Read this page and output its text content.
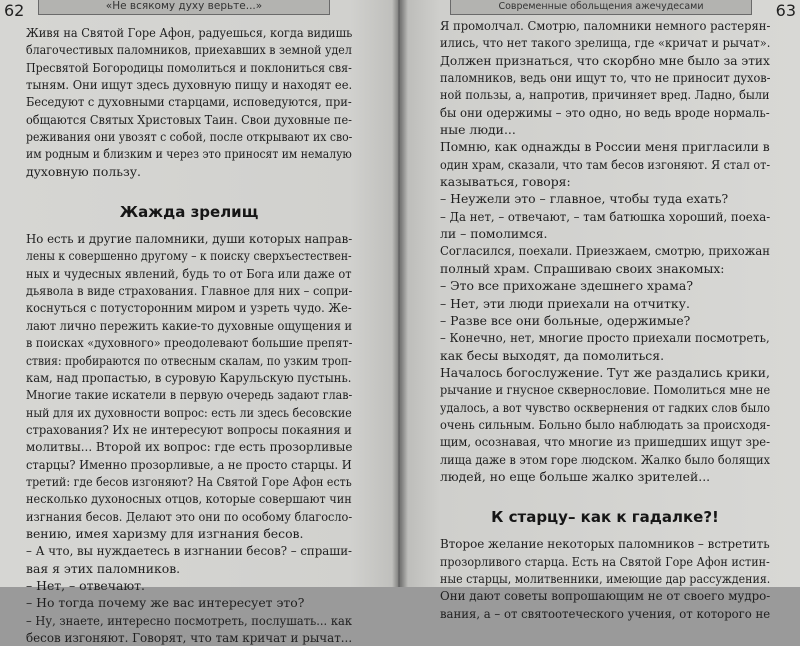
62	«Не всякому духу верьте...»
Живя на Святой Горе Афон, радуешься, когда видишь
благочестивых паломников, приехавших в земной удел
Пресвятой Богородицы помолиться и поклониться свя-
тыням. Они ищут здесь духовную пищу и находят ее.
Беседуют с духовными старцами, исповедуются, при-
общаются Святых Христовых Таин. Свои духовные пе-
реживания они увозят с собой, после открывают их сво-
им родным и близким и через это приносят им немалую
духовную пользу.
Жажда зрелищ
Но есть и другие паломники, души которых направ-
лены к совершенно другому – к поиску сверхъестествен-
ных и чудесных явлений, будь то от Бога или даже от
дьявола в виде страхования. Главное для них – сопри-
коснуться с потусторонним миром и узреть чудо. Же-
лают лично пережить какие-то духовные ощущения и
в поисках «духовного» преодолевают большие препят-
ствия: пробираются по отвесным скалам, по узким троп-
кам, над пропастью, в суровую Карульскую пустынь.
Многие такие искатели в первую очередь задают глав-
ный для их духовности вопрос: есть ли здесь бесовские
страхования? Их не интересуют вопросы покаяния и
молитвы... Второй их вопрос: где есть прозорливые
старцы? Именно прозорливые, а не просто старцы. И
третий: где бесов изгоняют? На Святой Горе Афон есть
несколько духоносных отцов, которые совершают чин
изгнания бесов. Делают это они по особому благосло-
вению, имея харизму для изгнания бесов.
– А что, вы нуждаетесь в изгнании бесов? – спраши-
вая я этих паломников.
– Нет, – отвечают.
– Но тогда почему же вас интересует это?
– Ну, знаете, интересно посмотреть, послушать... как
бесов изгоняют. Говорят, что там кричат и рычат...
Современные обольщения ажечудесами	63
Я промолчал. Смотрю, паломники немного растерян-
ились, что нет такого зрелища, где «кричат и рычат».
Должен признаться, что скорбно мне было за этих
паломников, ведь они ищут то, что не приносит духов-
ной пользы, а, напротив, причиняет вред. Ладно, были
бы они одержимы – это одно, но ведь вроде нормаль-
ные люди...
Помню, как однажды в России меня пригласили в
один храм, сказали, что там бесов изгоняют. Я стал от-
казываться, говоря:
– Неужели это – главное, чтобы туда ехать?
– Да нет, – отвечают, – там батюшка хороший, поеха-
ли – помолимся.
Согласился, поехали. Приезжаем, смотрю, прихожан
полный храм. Спрашиваю своих знакомых:
– Это все прихожане здешнего храма?
– Нет, эти люди приехали на отчитку.
– Разве все они больные, одержимые?
– Конечно, нет, многие просто приехали посмотреть,
как бесы выходят, да помолиться.
Началось богослужение. Тут же раздались крики,
рычание и гнусное сквернословие. Помолиться мне не
удалось, а вот чувство осквернения от гадких слов было
очень сильным. Больно было наблюдать за происходя-
щим, осознавая, что многие из пришедших ищут зре-
лища даже в этом горе людском. Жалко было болящих
людей, но еще больше жалко зрителей...
К старцу– как к гадалке?!
Второе желание некоторых паломников – встретить
прозорливого старца. Есть на Святой Горе Афон истин-
ные старцы, молитвенники, имеющие дар рассуждения.
Они дают советы вопрошающим не от своего мудро-
вания, а – от святоотеческого учения, от которого не
